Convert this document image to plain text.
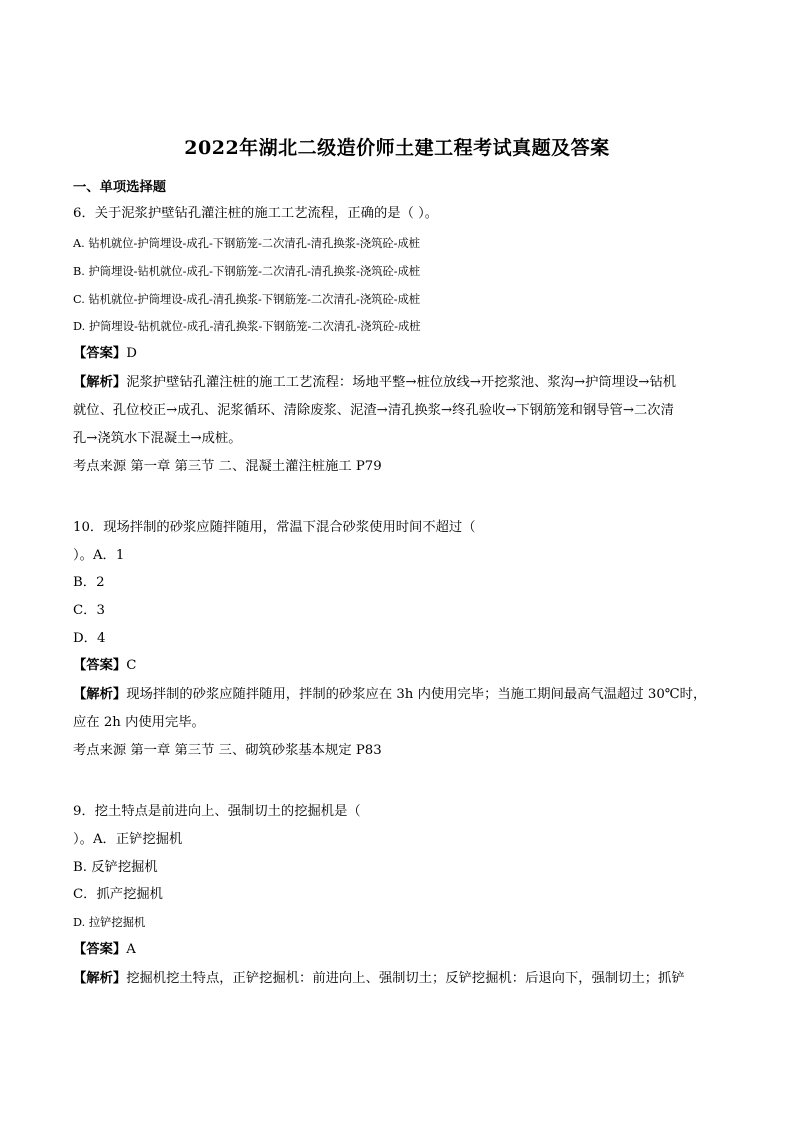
2022年湖北二级造价师土建工程考试真题及答案
一、单项选择题
6．关于泥浆护壁钻孔灌注桩的施工工艺流程，正确的是（ ）。
A. 钻机就位-护筒埋设-成孔-下钢筋笼-二次清孔-清孔换浆-浇筑砼-成桩
B. 护筒埋设-钻机就位-成孔-下钢筋笼-二次清孔-清孔换浆-浇筑砼-成桩
C. 钻机就位-护筒埋设-成孔-清孔换浆-下钢筋笼-二次清孔-浇筑砼-成桩
D. 护筒埋设-钻机就位-成孔-清孔换浆-下钢筋笼-二次清孔-浇筑砼-成桩
【答案】D
【解析】泥浆护壁钻孔灌注桩的施工工艺流程：场地平整→桩位放线→开挖浆池、浆沟→护筒埋设→钻机
就位、孔位校正→成孔、泥浆循环、清除废浆、泥渣→清孔换浆→终孔验收→下钢筋笼和钢导管→二次清
孔→浇筑水下混凝土→成桩。
考点来源 第一章 第三节 二、混凝土灌注桩施工 P79
10．现场拌制的砂浆应随拌随用，常温下混合砂浆使用时间不超过（
）。A．1
B．2
C．3
D．4
【答案】C
【解析】现场拌制的砂浆应随拌随用，拌制的砂浆应在 3h 内使用完毕；当施工期间最高气温超过 30℃时，
应在 2h 内使用完毕。
考点来源 第一章 第三节 三、砌筑砂浆基本规定 P83
9．挖土特点是前进向上、强制切土的挖掘机是（
）。A．正铲挖掘机
B. 反铲挖掘机
C．抓产挖掘机
D. 拉铲挖掘机
【答案】A
【解析】挖掘机挖土特点，正铲挖掘机：前进向上、强制切土；反铲挖掘机：后退向下，强制切土；抓铲
